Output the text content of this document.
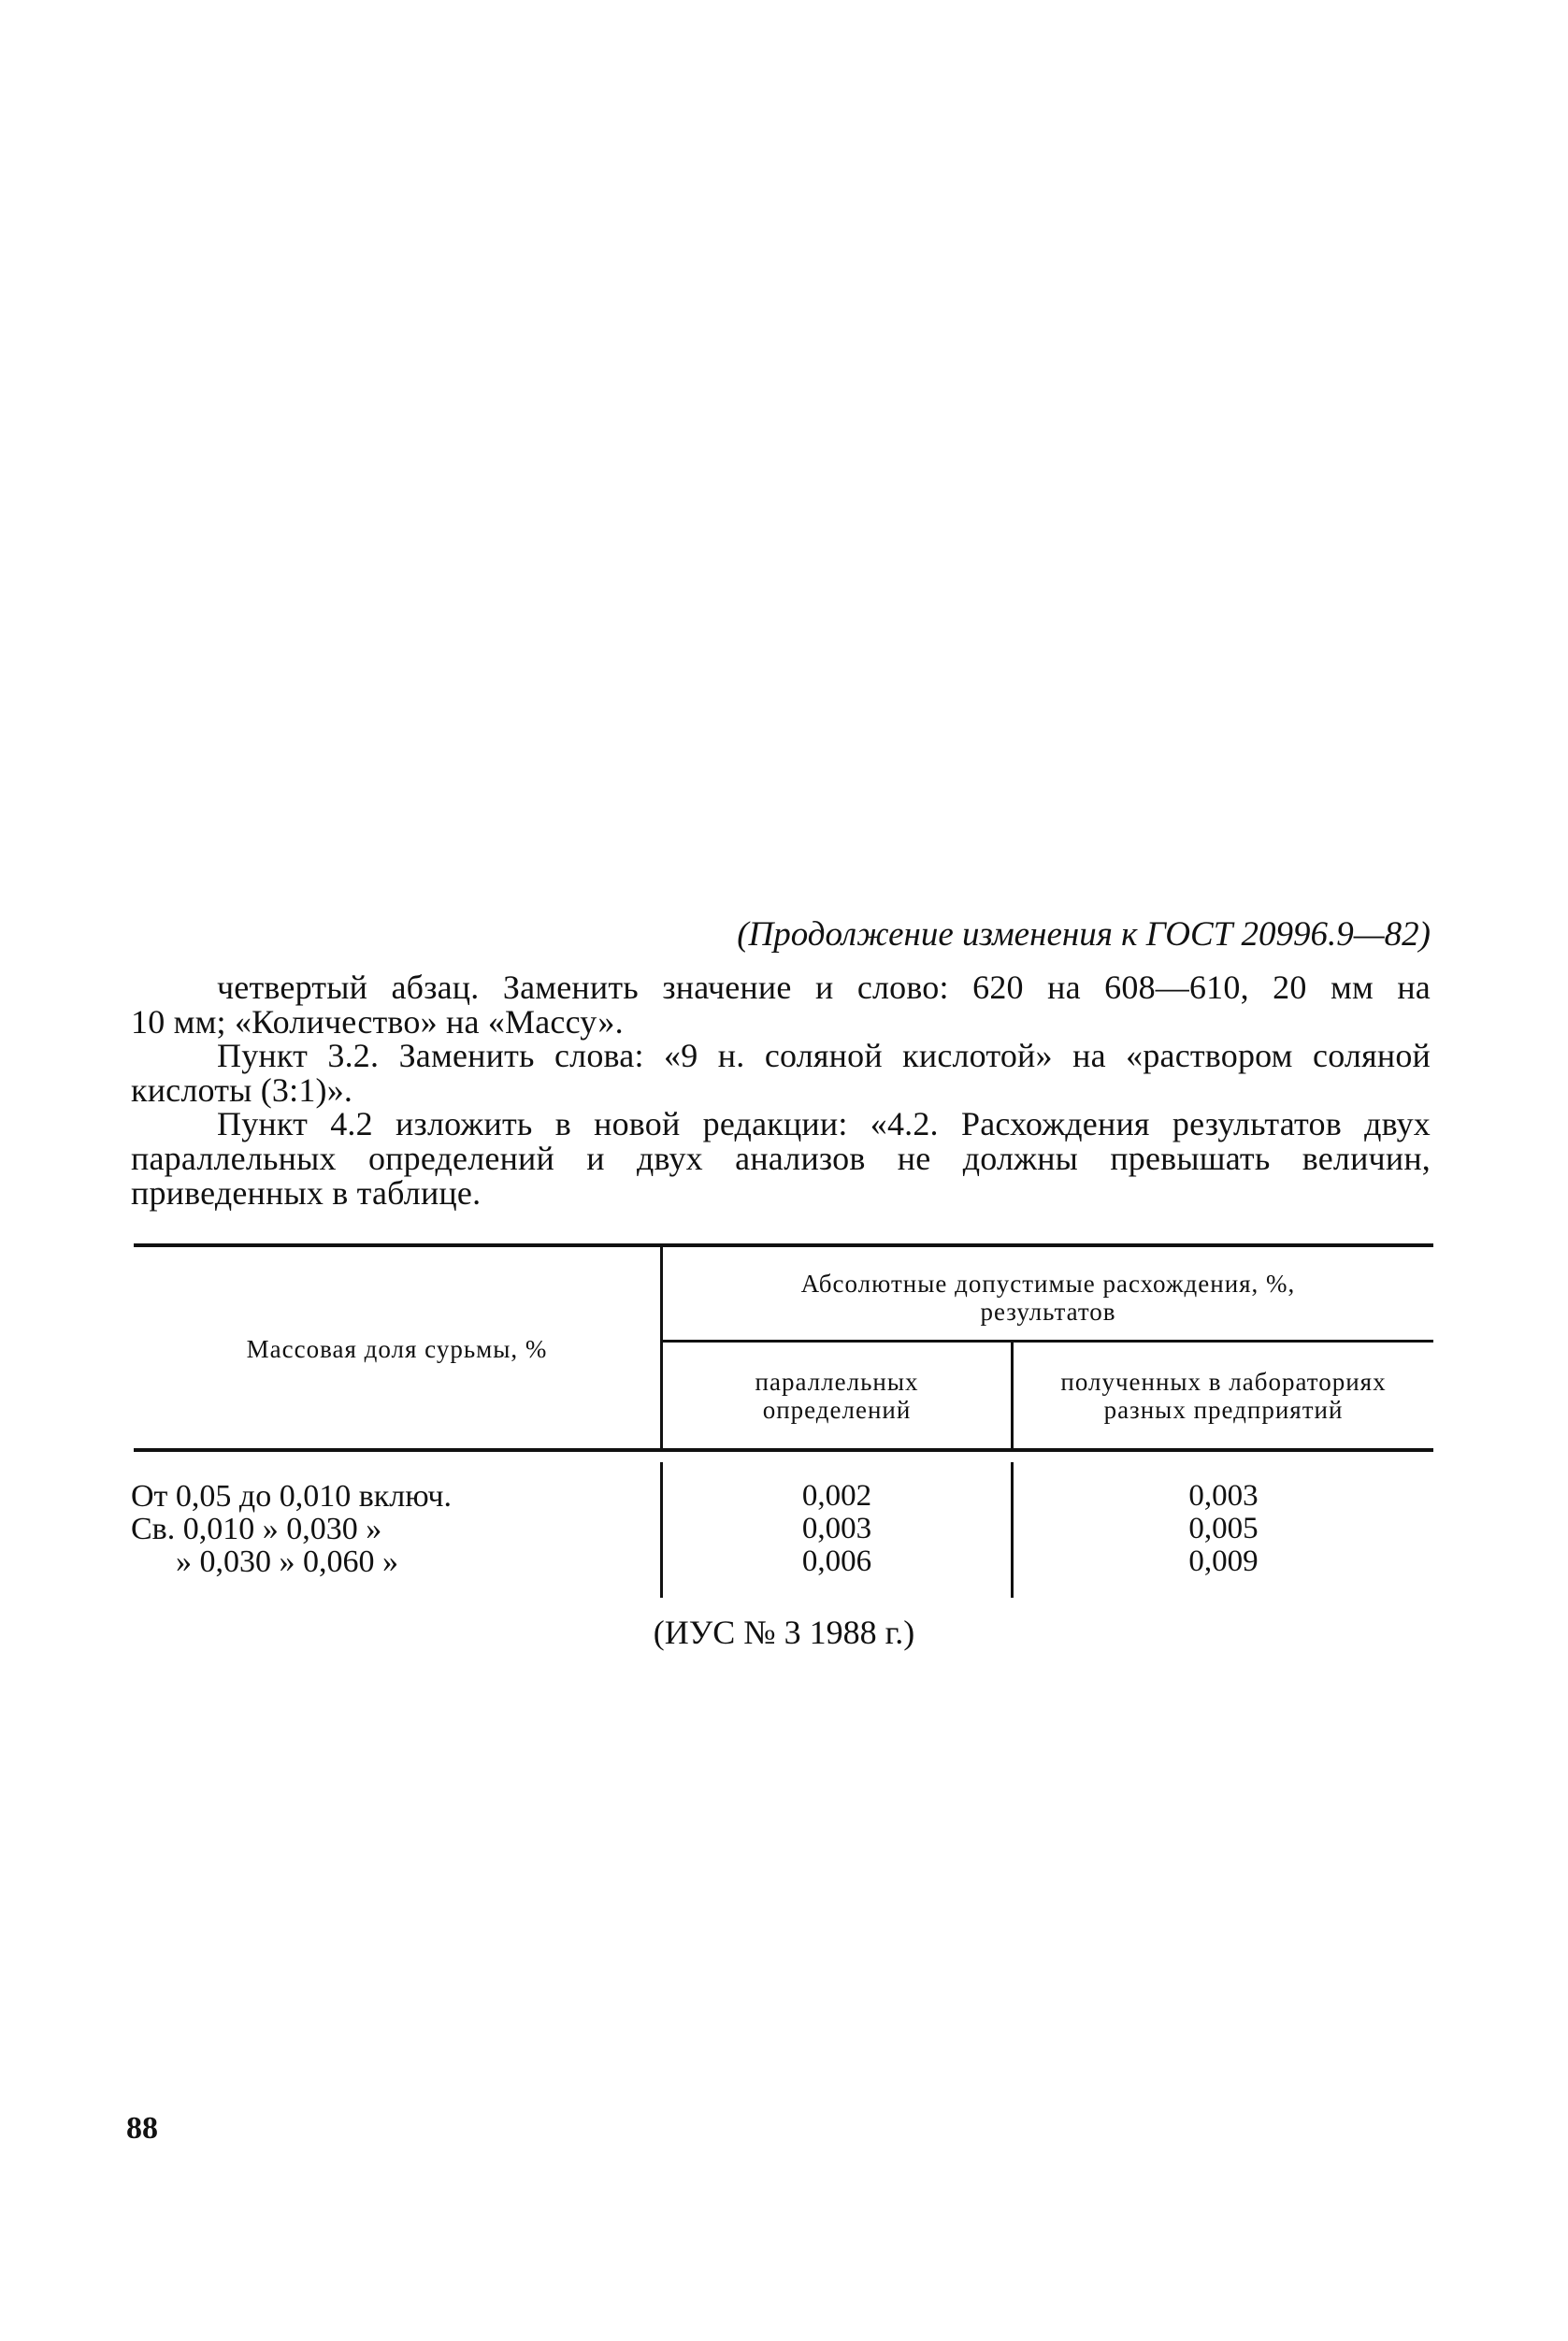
(Продолжение изменения к ГОСТ 20996.9—82)
четвертый абзац. Заменить значение и слово: 620 на 608—610, 20 мм на
10 мм; «Количество» на «Массу».
Пункт 3.2. Заменить слова: «9 н. соляной кислотой» на «раствором соляной
кислоты (3:1)».
Пункт 4.2 изложить в новой редакции: «4.2. Расхождения результатов двух
параллельных определений и двух анализов не должны превышать величин,
приведенных в таблице.
Массовая доля сурьмы, %
Абсолютные допустимые расхождения, %,
результатов
параллельных
определений
полученных в лабораториях
разных предприятий
От 0,05 до 0,010 включ.
Св. 0,010 » 0,030 »
» 0,030 » 0,060 »
0,002
0,003
0,006
0,003
0,005
0,009
(ИУС № 3 1988 г.)
88
